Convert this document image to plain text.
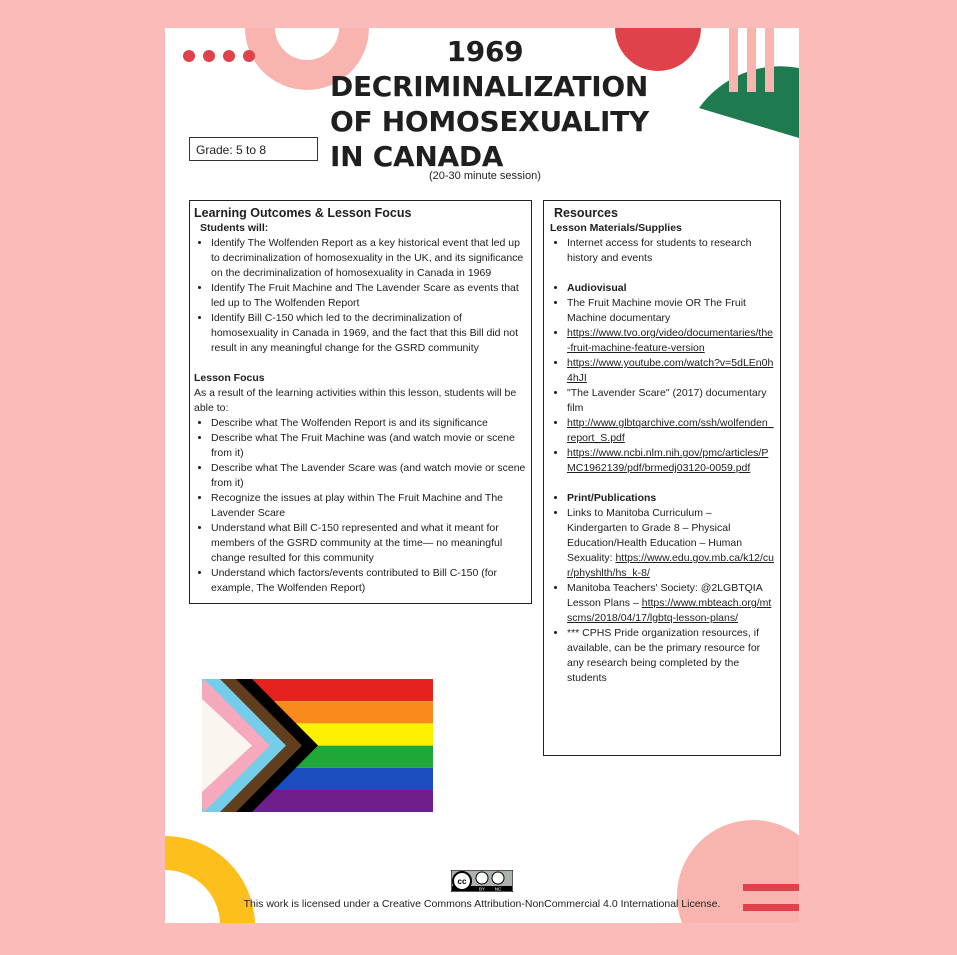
1969
DECRIMINALIZATION OF HOMOSEXUALITY IN CANADA
Grade: 5 to 8
(20-30 minute session)
Learning Outcomes & Lesson Focus
Students will:
• Identify The Wolfenden Report as a key historical event that led up to decriminalization of homosexuality in the UK, and its significance on the decriminalization of homosexuality in Canada in 1969
• Identify The Fruit Machine and The Lavender Scare as events that led up to The Wolfenden Report
• Identify Bill C-150 which led to the decriminalization of homosexuality in Canada in 1969, and the fact that this Bill did not result in any meaningful change for the GSRD community
Lesson Focus

As a result of the learning activities within this lesson, students will be able to:

• Describe what The Wolfenden Report is and its significance
• Describe what The Fruit Machine was (and watch movie or scene from it)
• Describe what The Lavender Scare was (and watch movie or scene from it)
• Recognize the issues at play within The Fruit Machine and The Lavender Scare
• Understand what Bill C-150 represented and what it meant for members of the GSRD community at the time— no meaningful change resulted for this community
• Understand which factors/events contributed to Bill C-150 (for example, The Wolfenden Report)
Resources
Lesson Materials/Supplies
• Internet access for students to research history and events
• Audiovisual
• The Fruit Machine movie OR The Fruit Machine documentary
• https://www.tvo.org/video/documentaries/the-fruit-machine-feature-version
• https://www.youtube.com/watch?v=5dLEn0h4hJI
• "The Lavender Scare" (2017) documentary film
• http://www.glbtqarchive.com/ssh/wolfenden_report_S.pdf
• https://www.ncbi.nlm.nih.gov/pmc/articles/PMC1962139/pdf/brmedj03120-0059.pdf
• Print/Publications
• Links to Manitoba Curriculum – Kindergarten to Grade 8 – Physical Education/Health Education – Human Sexuality: https://www.edu.gov.mb.ca/k12/cur/physhlth/hs_k-8/
• Manitoba Teachers' Society: @2LGBTQIA Lesson Plans – https://www.mbteach.org/mtscms/2018/04/17/lgbtq-lesson-plans/
• *** CPHS Pride organization resources, if available, can be the primary resource for any research being completed by the students
cc
BY NC
This work is licensed under a Creative Commons Attribution-NonCommercial 4.0 International License.
